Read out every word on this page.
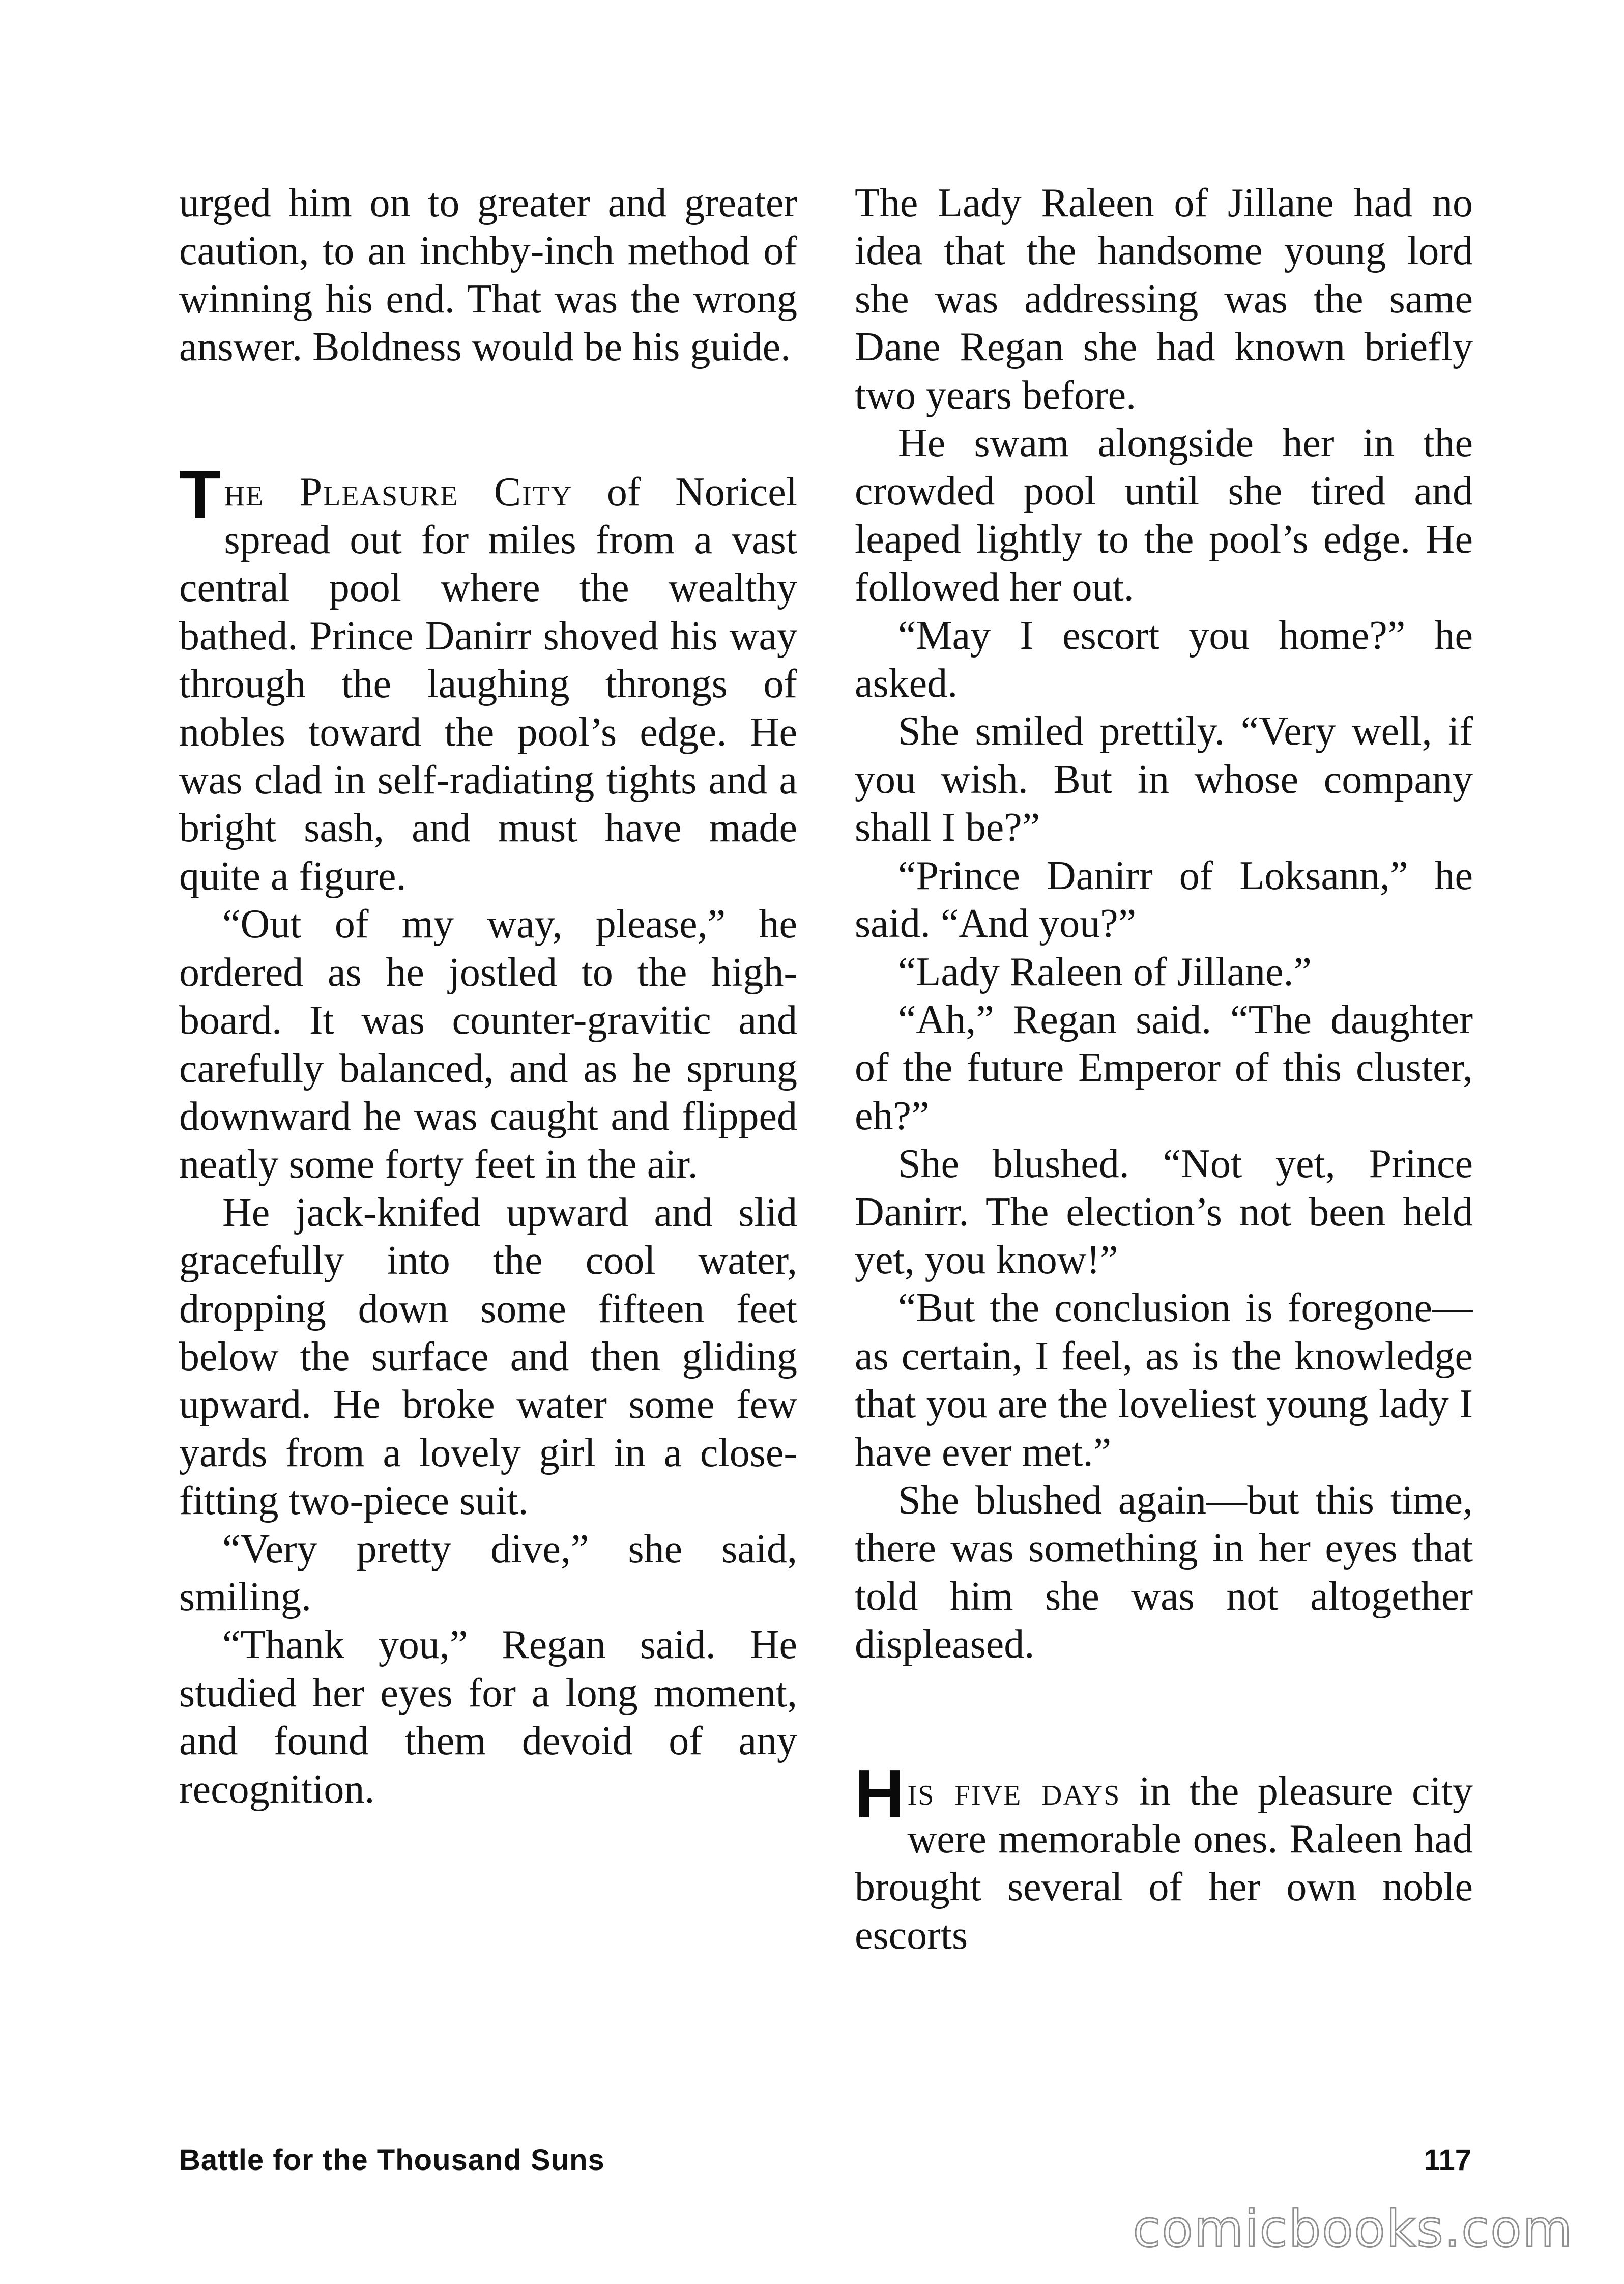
urged him on to greater and greater caution, to an inchby-inch method of winning his end. That was the wrong answer. Boldness would be his guide.

The Pleasure City of Noricel spread out for miles from a vast central pool where the wealthy bathed. Prince Danirr shoved his way through the laughing throngs of nobles toward the pool’s edge. He was clad in self-radiating tights and a bright sash, and must have made quite a figure.

“Out of my way, please,” he ordered as he jostled to the high-board. It was counter-gravitic and carefully balanced, and as he sprung downward he was caught and flipped neatly some forty feet in the air.

He jack-knifed upward and slid gracefully into the cool water, dropping down some fifteen feet below the surface and then gliding upward. He broke water some few yards from a lovely girl in a closefitting two-piece suit.

“Very pretty dive,” she said, smiling.

“Thank you,” Regan said. He studied her eyes for a long moment, and found them devoid of any recognition.

The Lady Raleen of Jillane had no idea that the handsome young lord she was addressing was the same Dane Regan she had known briefly two years before.

He swam alongside her in the crowded pool until she tired and leaped lightly to the pool’s edge. He followed her out.

“May I escort you home?” he asked.

She smiled prettily. “Very well, if you wish. But in whose company shall I be?”

“Prince Danirr of Loksann,” he said. “And you?”

“Lady Raleen of Jillane.”

“Ah,” Regan said. “The daughter of the future Emperor of this cluster, eh?”

She blushed. “Not yet, Prince Danirr. The election’s not been held yet, you know!”

“But the conclusion is foregone—as certain, I feel, as is the knowledge that you are the loveliest young lady I have ever met.”

She blushed again—but this time, there was something in her eyes that told him she was not altogether displeased.

His five days in the pleasure city were memorable ones. Raleen had brought several of her own noble escorts

Battle for the Thousand Suns	117
comicbooks.com
